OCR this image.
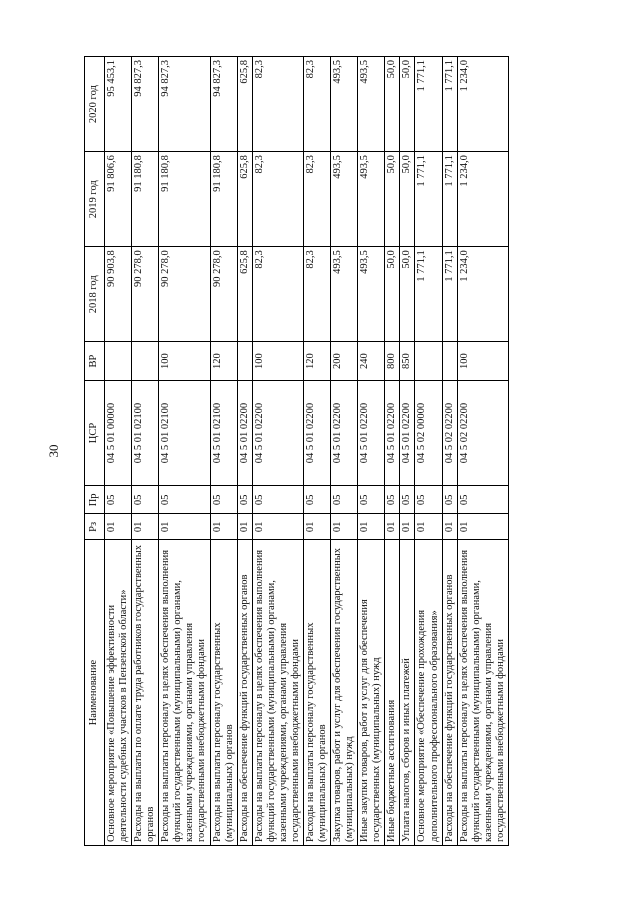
30
Наименование	Рз	Пр	ЦСР	ВР	2018 год	2019 год	2020 год
Основное мероприятие «Повышение эффективности деятельности судебных участков в Пензенской области»	01	05	04 5 01 00000		90 903,8	91 806,6	95 453,1
Расходы на выплаты по оплате труда работников государственных органов	01	05	04 5 01 02100		90 278,0	91 180,8	94 827,3
Расходы на выплаты персоналу в целях обеспечения выполнения функций государственными (муниципальными) органами, казенными учреждениями, органами управления государственными внебюджетными фондами	01	05	04 5 01 02100	100	90 278,0	91 180,8	94 827,3
Расходы на выплаты персоналу государственных (муниципальных) органов	01	05	04 5 01 02100	120	90 278,0	91 180,8	94 827,3
Расходы на обеспечение функций государственных органов	01	05	04 5 01 02200		625,8	625,8	625,8
Расходы на выплаты персоналу в целях обеспечения выполнения функций государственными (муниципальными) органами, казенными учреждениями, органами управления государственными внебюджетными фондами	01	05	04 5 01 02200	100	82,3	82,3	82,3
Расходы на выплаты персоналу государственных (муниципальных) органов	01	05	04 5 01 02200	120	82,3	82,3	82,3
Закупка товаров, работ и услуг для обеспечения государственных (муниципальных) нужд	01	05	04 5 01 02200	200	493,5	493,5	493,5
Иные закупки товаров, работ и услуг для обеспечения государственных (муниципальных) нужд	01	05	04 5 01 02200	240	493,5	493,5	493,5
Иные бюджетные ассигнования	01	05	04 5 01 02200	800	50,0	50,0	50,0
Уплата налогов, сборов и иных платежей	01	05	04 5 01 02200	850	50,0	50,0	50,0
Основное мероприятие «Обеспечение прохождения дополнительного профессионального образования»	01	05	04 5 02 00000		1 771,1	1 771,1	1 771,1
Расходы на обеспечение функций государственных органов	01	05	04 5 02 02200		1 771,1	1 771,1	1 771,1
Расходы на выплаты персоналу в целях обеспечения выполнения функций государственными (муниципальными) органами, казенными учреждениями, органами управления государственными внебюджетными фондами	01	05	04 5 02 02200	100	1 234,0	1 234,0	1 234,0
